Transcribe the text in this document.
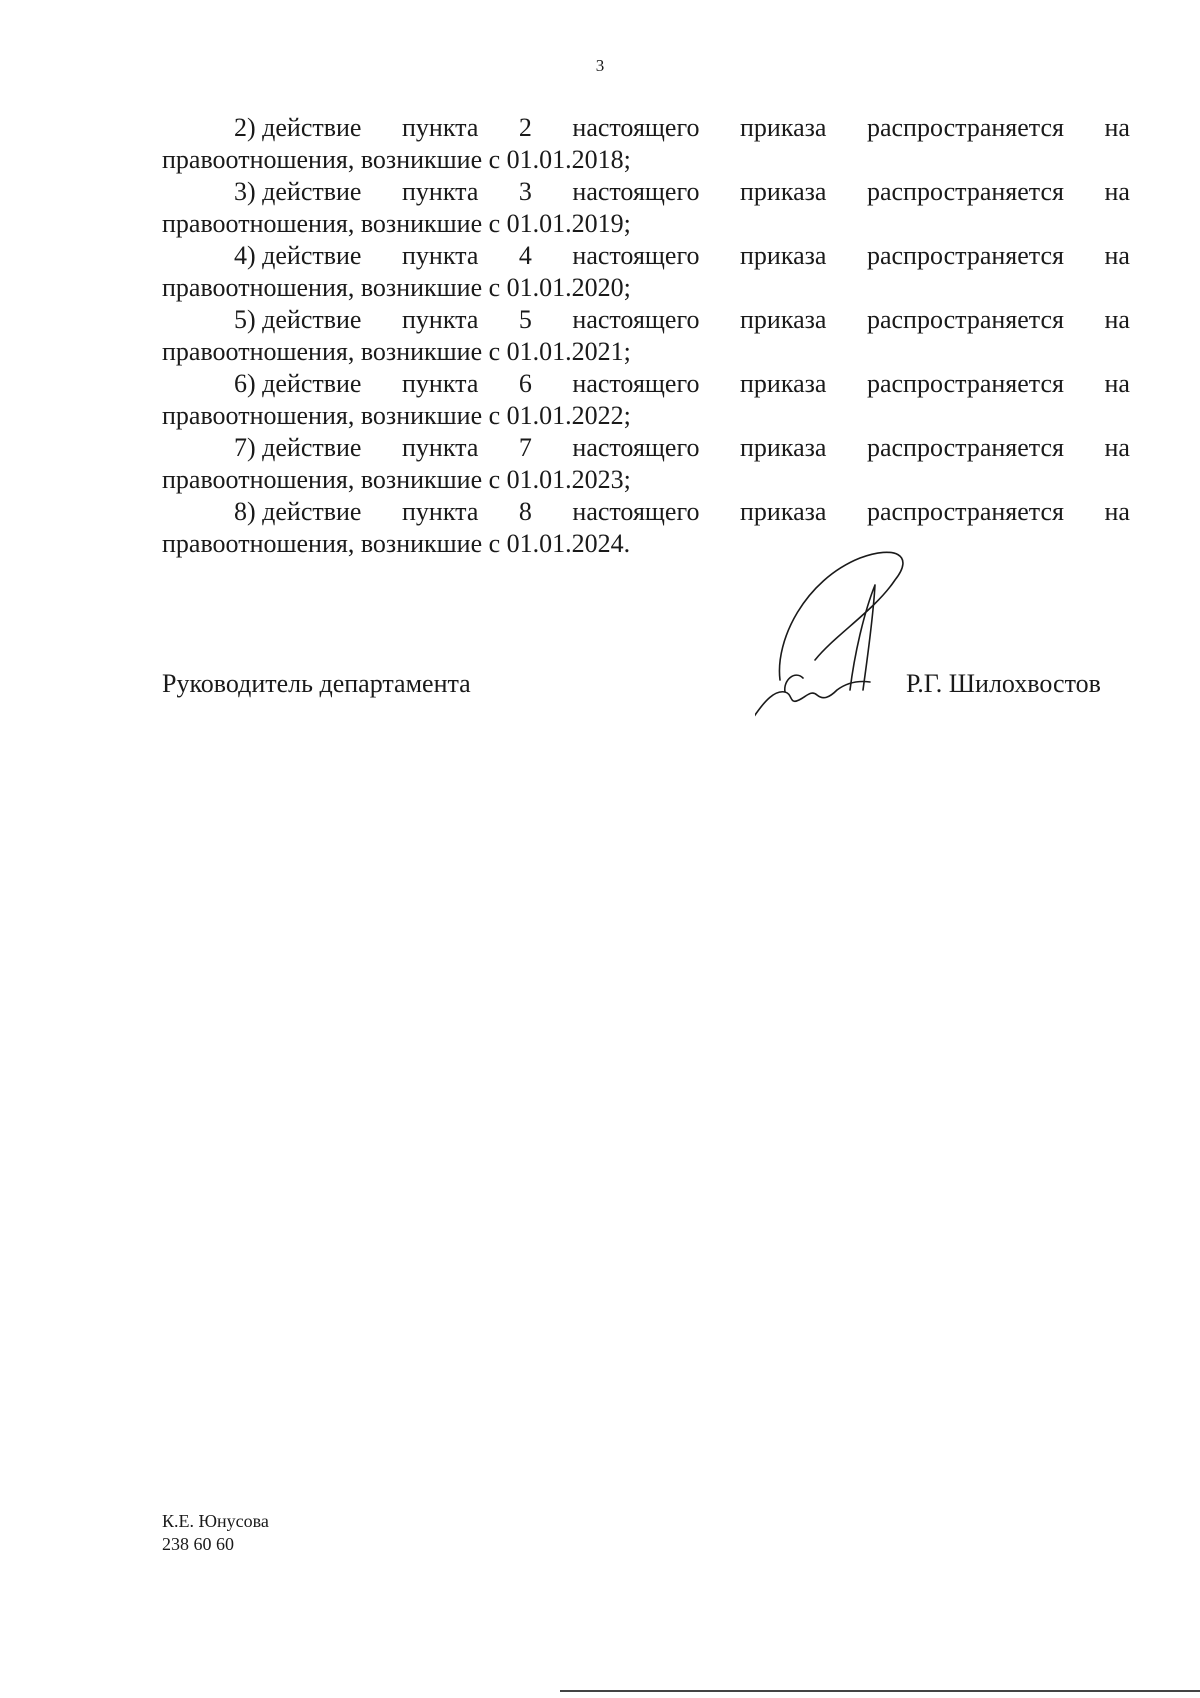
3
2) действие пункта 2 настоящего приказа распространяется на
правоотношения, возникшие с 01.01.2018;
3) действие пункта 3 настоящего приказа распространяется на
правоотношения, возникшие с 01.01.2019;
4) действие пункта 4 настоящего приказа распространяется на
правоотношения, возникшие с 01.01.2020;
5) действие пункта 5 настоящего приказа распространяется на
правоотношения, возникшие с 01.01.2021;
6) действие пункта 6 настоящего приказа распространяется на
правоотношения, возникшие с 01.01.2022;
7) действие пункта 7 настоящего приказа распространяется на
правоотношения, возникшие с 01.01.2023;
8) действие пункта 8 настоящего приказа распространяется на
правоотношения, возникшие с 01.01.2024.
Руководитель департамента	Р.Г. Шилохвостов
К.Е. Юнусова
238 60 60
